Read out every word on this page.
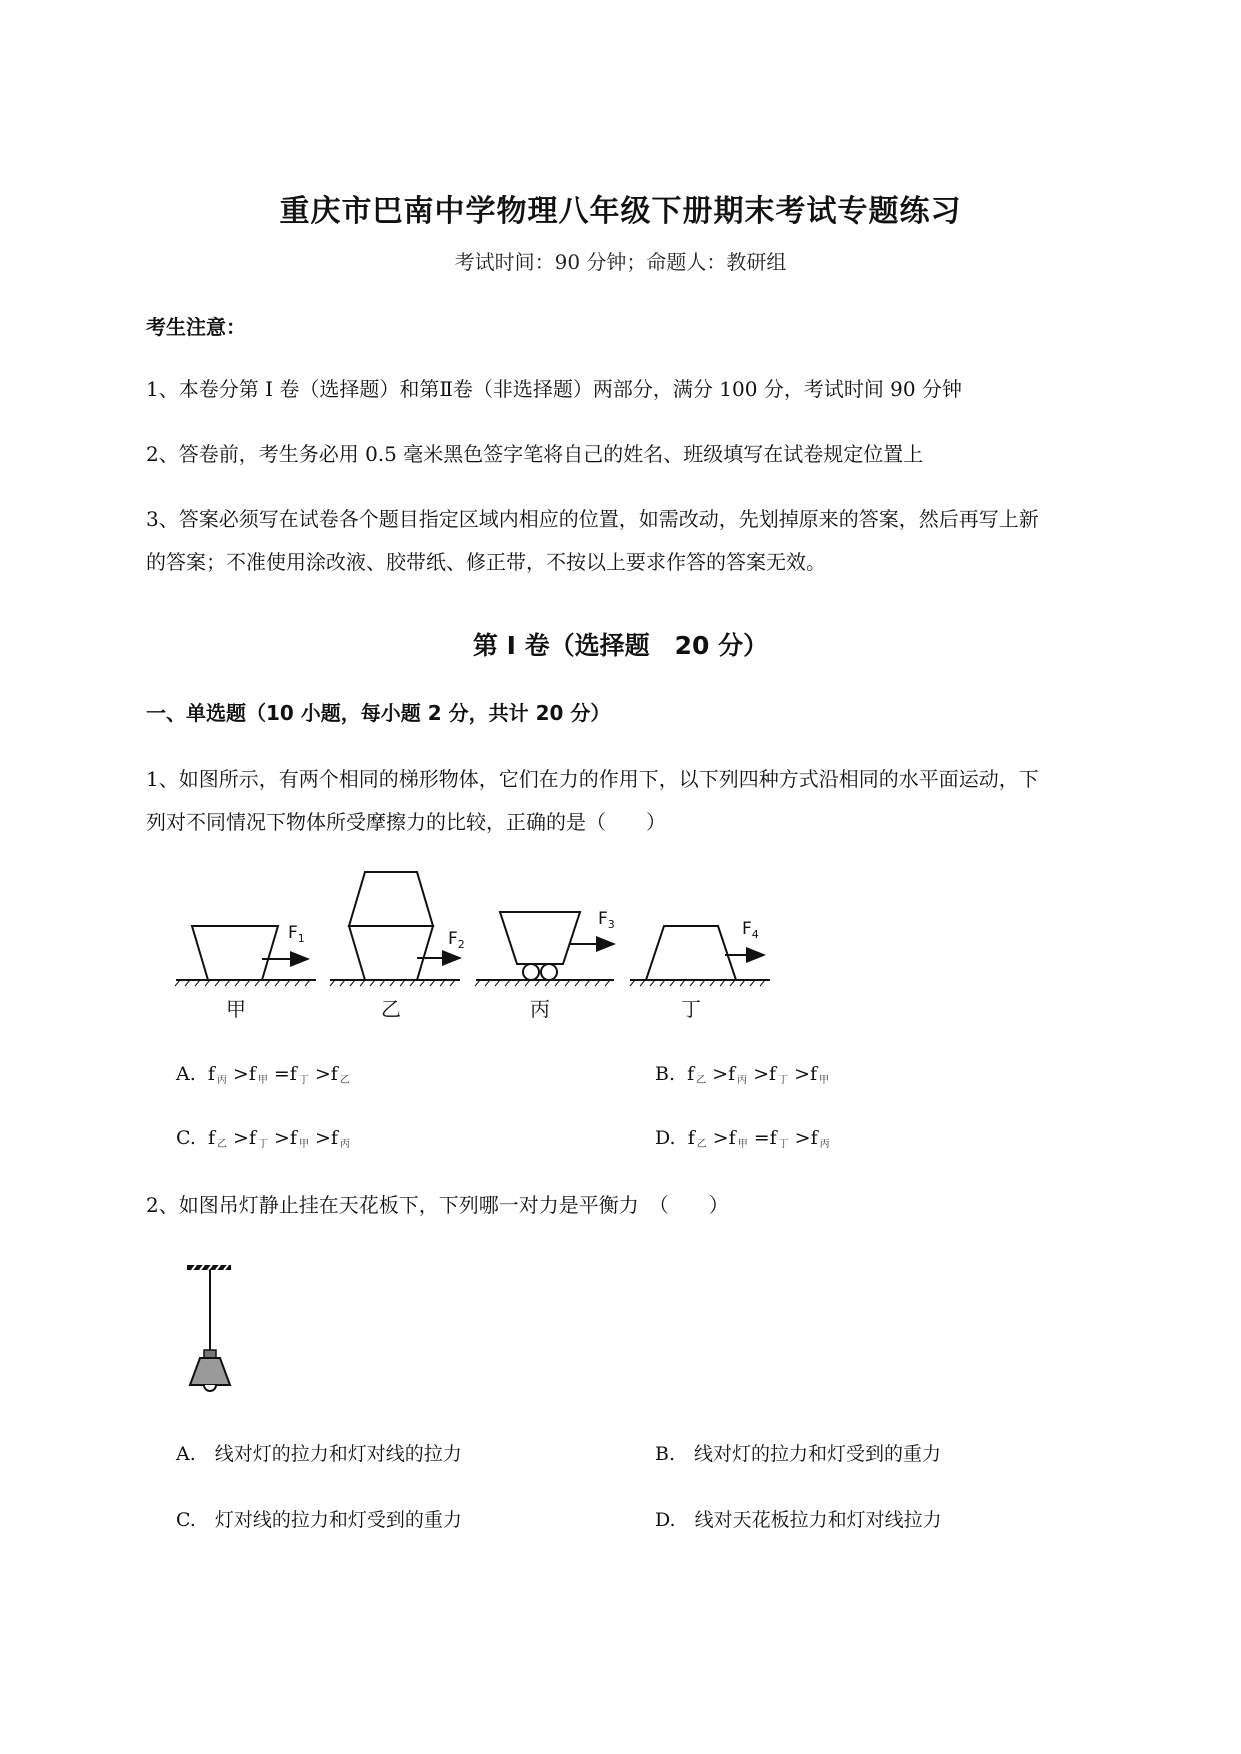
重庆市巴南中学物理八年级下册期末考试专题练习
考试时间：90 分钟；命题人：教研组
考生注意：
1、本卷分第 I 卷（选择题）和第Ⅱ卷（非选择题）两部分，满分 100 分，考试时间 90 分钟
2、答卷前，考生务必用 0.5 毫米黑色签字笔将自己的姓名、班级填写在试卷规定位置上
3、答案必须写在试卷各个题目指定区域内相应的位置，如需改动，先划掉原来的答案，然后再写上新
的答案；不准使用涂改液、胶带纸、修正带，不按以上要求作答的答案无效。
第 I 卷（选择题　20 分）
一、单选题（10 小题，每小题 2 分，共计 20 分）
1、如图所示，有两个相同的梯形物体，它们在力的作用下，以下列四种方式沿相同的水平面运动，下
列对不同情况下物体所受摩擦力的比较，正确的是（　　）
$F_1$	$F_2$
$F_3$	$F_4$
甲	乙	丙	丁
A. f $_丙$ >f $_甲$ =f $_丁$ >f $_乙$	B. f $_乙$ >f $_丙$ >f $_丁$ >f $_甲$
C. f $_乙$ >f $_丁$ >f $_甲$ >f $_丙$	D. f $_乙$ >f $_甲$ =f $_丁$ >f $_丙$
2、如图吊灯静止挂在天花板下，下列哪一对力是平衡力　（　　）
A.　线对灯的拉力和灯对线的拉力	B.　线对灯的拉力和灯受到的重力
C.　灯对线的拉力和灯受到的重力	D.　线对天花板拉力和灯对线拉力
